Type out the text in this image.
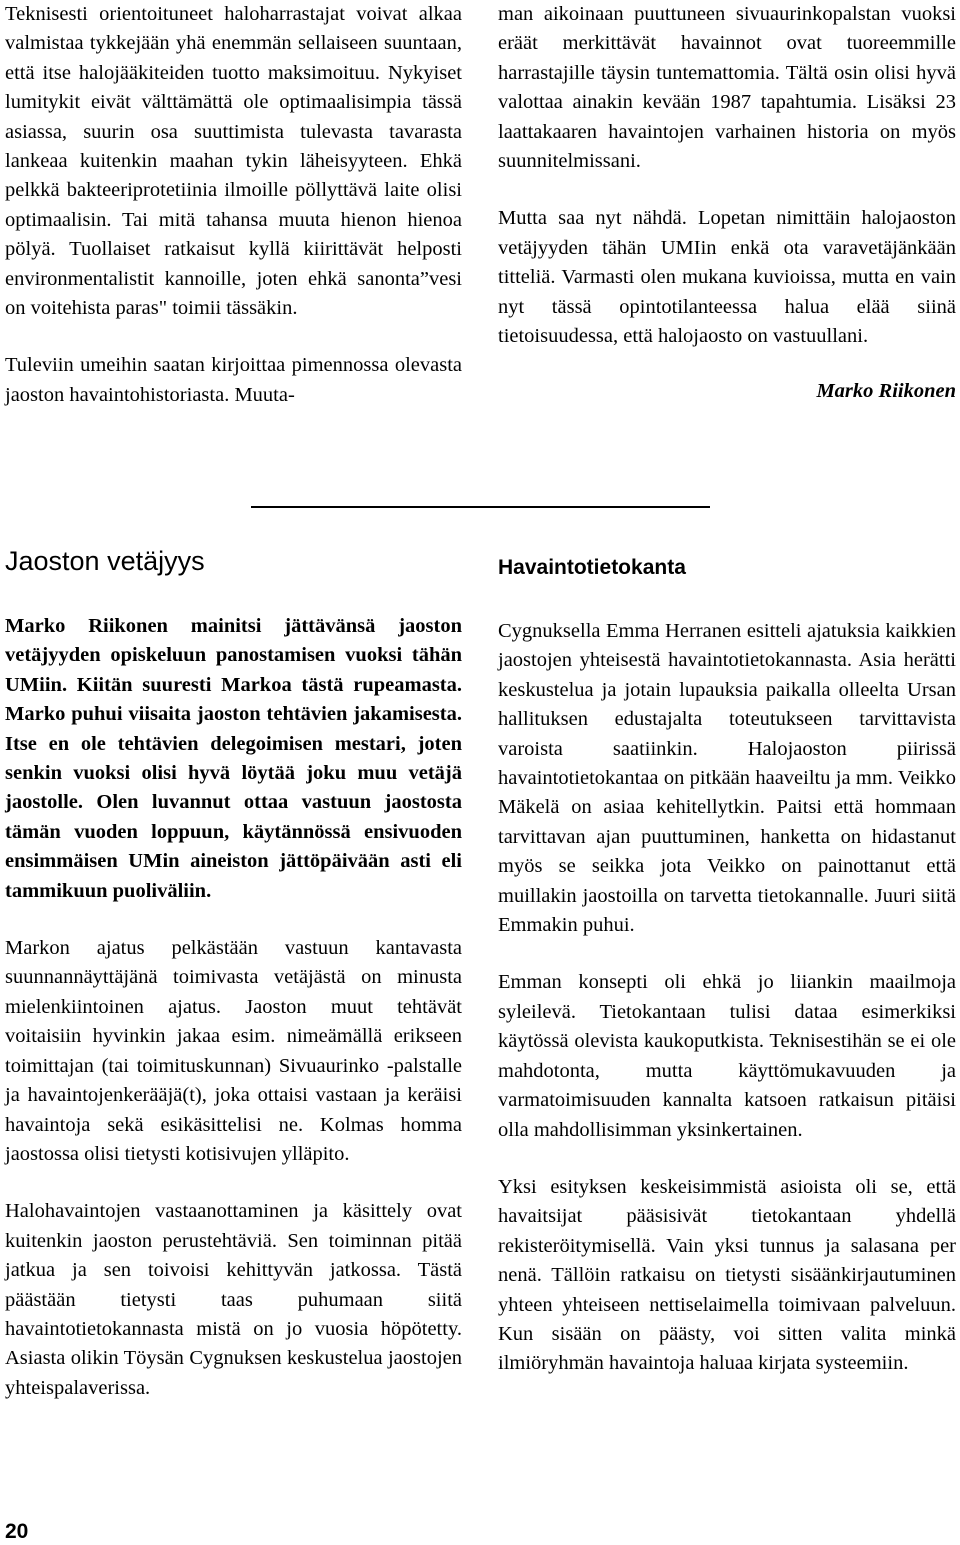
Teknisesti orientoituneet haloharrastajat voivat alkaa valmistaa tykkejään yhä enemmän sellaiseen suuntaan, että itse halojääkiteiden tuotto maksimoituu. Nykyiset lumitykit eivät välttämättä ole optimaalisimpia tässä asiassa, suurin osa suuttimista tulevasta tavarasta lankeaa kuitenkin maahan tykin läheisyyteen. Ehkä pelkkä bakteeriprotetiinia ilmoille pöllyttävä laite olisi optimaalisin. Tai mitä tahansa muuta hienon hienoa pölyä. Tuollaiset ratkaisut kyllä kiirittävät helposti environmentalistit kannoille, joten ehkä sanonta”vesi on voitehista paras" toimii tässäkin.

Tuleviin umeihin saatan kirjoittaa pimennossa olevasta jaoston havaintohistoriasta. Muuta-

man aikoinaan puuttuneen sivuaurinkopalstan vuoksi eräät merkittävät havainnot ovat tuoreemmille harrastajille täysin tuntemattomia. Tältä osin olisi hyvä valottaa ainakin kevään 1987 tapahtumia. Lisäksi 23 laattakaaren havaintojen varhainen historia on myös suunnitelmissani.

Mutta saa nyt nähdä. Lopetan nimittäin halojaoston vetäjyyden tähän UMIin enkä ota varavetäjänkään titteliä. Varmasti olen mukana kuvioissa, mutta en vain nyt tässä opintotilanteessa halua elää siinä tietoisuudessa, että halojaosto on vastuullani.

Marko Riikonen

Jaoston vetäjyys	Havaintotietokanta

Marko Riikonen mainitsi jättävänsä jaoston vetäjyyden opiskeluun panostamisen vuoksi tähän UMiin. Kiitän suuresti Markoa tästä rupeamasta. Marko puhui viisaita jaoston tehtävien jakamisesta. Itse en ole tehtävien delegoimisen mestari, joten senkin vuoksi olisi hyvä löytää joku muu vetäjä jaostolle. Olen luvannut ottaa vastuun jaostosta tämän vuoden loppuun, käytännössä ensivuoden ensimmäisen UMin aineiston jättöpäivään asti eli tammikuun puoliväliin.

Markon ajatus pelkästään vastuun kantavasta suunnannäyttäjänä toimivasta vetäjästä on minusta mielenkiintoinen ajatus. Jaoston muut tehtävät voitaisiin hyvinkin jakaa esim. nimeämällä erikseen toimittajan (tai toimituskunnan) Sivuaurinko -palstalle ja havaintojenkerääjä(t), joka ottaisi vastaan ja keräisi havaintoja sekä esikäsittelisi ne. Kolmas homma jaostossa olisi tietysti kotisivujen ylläpito.

Halohavaintojen vastaanottaminen ja käsittely ovat kuitenkin jaoston perustehtäviä. Sen toiminnan pitää jatkua ja sen toivoisi kehittyvän jatkossa. Tästä päästään tietysti taas puhumaan siitä havaintotietokannasta mistä on jo vuosia höpötetty. Asiasta olikin Töysän Cygnuksen keskustelua jaostojen yhteispalaverissa.

Cygnuksella Emma Herranen esitteli ajatuksia kaikkien jaostojen yhteisestä havaintotietokannasta. Asia herätti keskustelua ja jotain lupauksia paikalla olleelta Ursan hallituksen edustajalta toteutukseen tarvittavista varoista saatiinkin. Halojaoston piirissä havaintotietokantaa on pitkään haaveiltu ja mm. Veikko Mäkelä on asiaa kehitellytkin. Paitsi että hommaan tarvittavan ajan puuttuminen, hanketta on hidastanut myös se seikka jota Veikko on painottanut että muillakin jaostoilla on tarvetta tietokannalle. Juuri siitä Emmakin puhui.

Emman konsepti oli ehkä jo liiankin maailmoja syleilevä. Tietokantaan tulisi dataa esimerkiksi käytössä olevista kaukoputkista. Teknisestihän se ei ole mahdotonta, mutta käyttömukavuuden ja varmatoimisuuden kannalta katsoen ratkaisun pitäisi olla mahdollisimman yksinkertainen.

Yksi esityksen keskeisimmistä asioista oli se, että havaitsijat pääsisivät tietokantaan yhdellä rekisteröitymisellä. Vain yksi tunnus ja salasana per nenä. Tällöin ratkaisu on tietysti sisäänkirjautuminen yhteen yhteiseen nettiselaimella toimivaan palveluun. Kun sisään on päästy, voi sitten valita minkä ilmiöryhmän havaintoja haluaa kirjata systeemiin.

20
